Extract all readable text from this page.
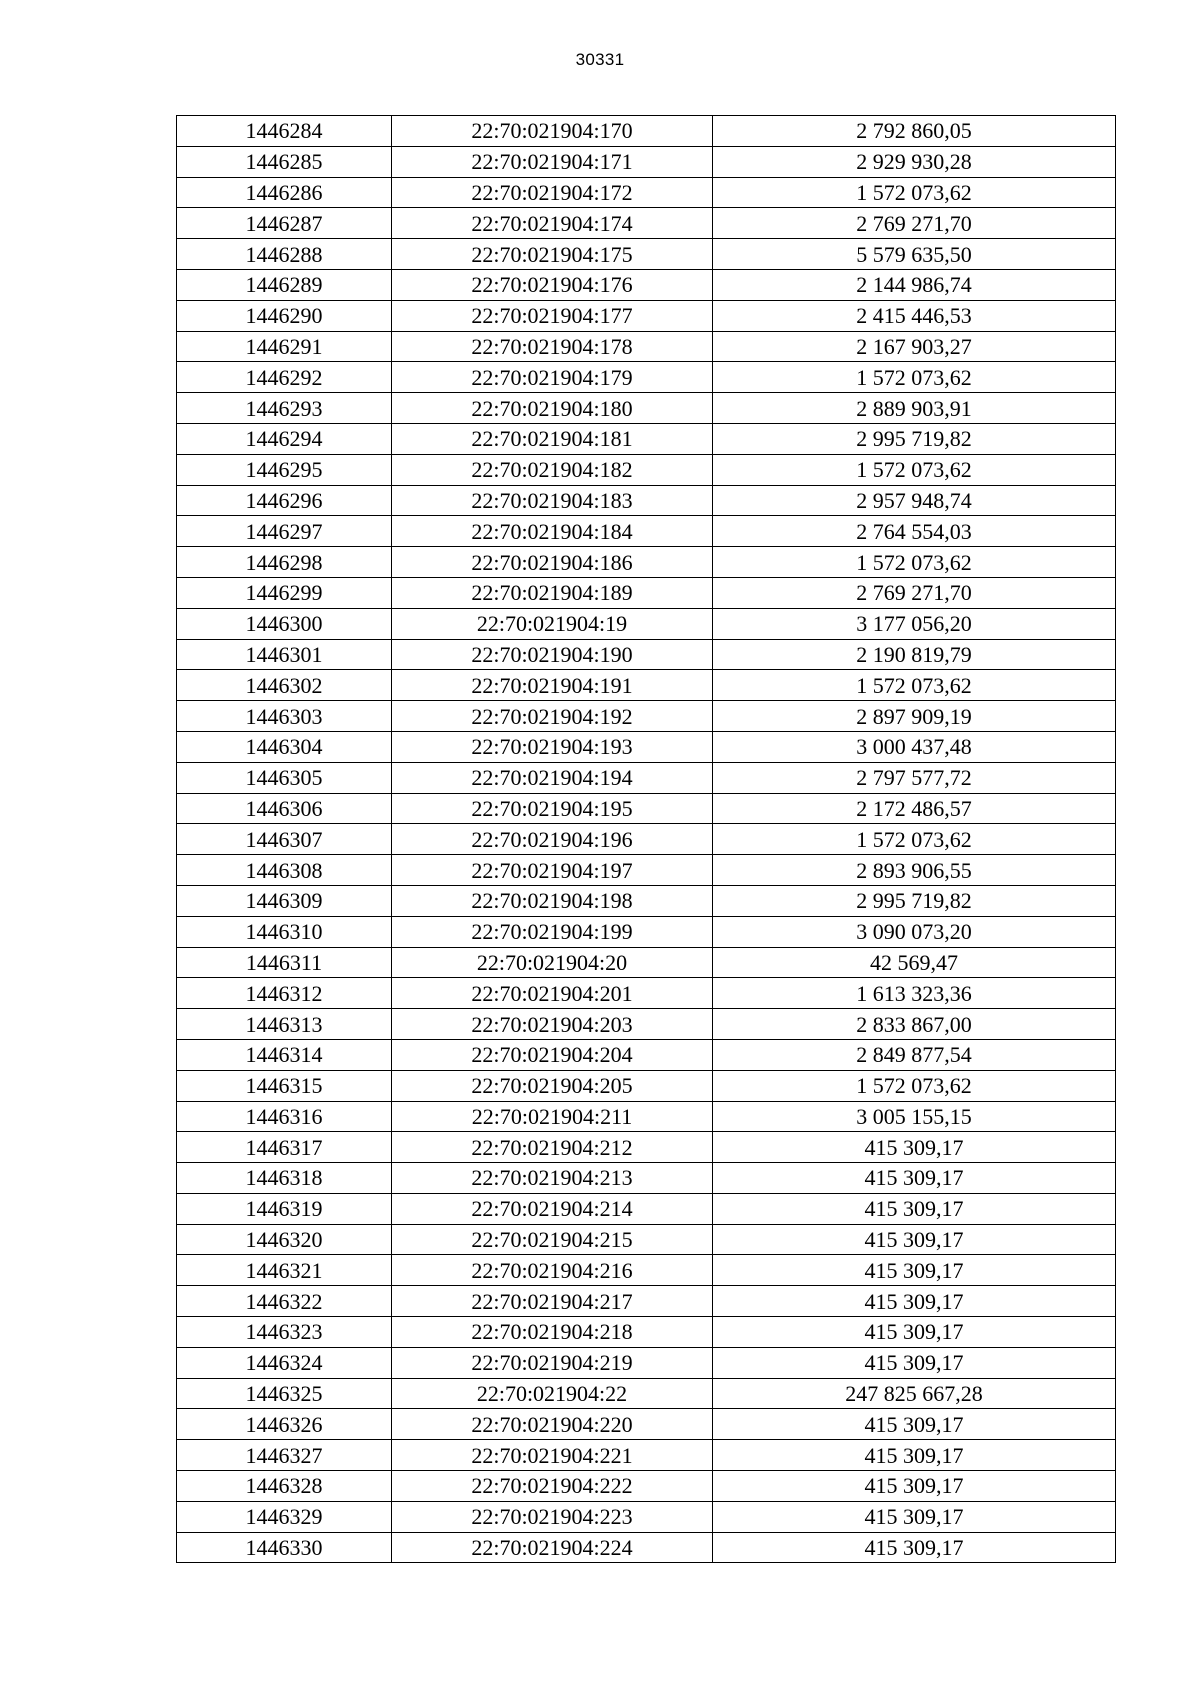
30331
1446284	22:70:021904:170	2 792 860,05
1446285	22:70:021904:171	2 929 930,28
1446286	22:70:021904:172	1 572 073,62
1446287	22:70:021904:174	2 769 271,70
1446288	22:70:021904:175	5 579 635,50
1446289	22:70:021904:176	2 144 986,74
1446290	22:70:021904:177	2 415 446,53
1446291	22:70:021904:178	2 167 903,27
1446292	22:70:021904:179	1 572 073,62
1446293	22:70:021904:180	2 889 903,91
1446294	22:70:021904:181	2 995 719,82
1446295	22:70:021904:182	1 572 073,62
1446296	22:70:021904:183	2 957 948,74
1446297	22:70:021904:184	2 764 554,03
1446298	22:70:021904:186	1 572 073,62
1446299	22:70:021904:189	2 769 271,70
1446300	22:70:021904:19	3 177 056,20
1446301	22:70:021904:190	2 190 819,79
1446302	22:70:021904:191	1 572 073,62
1446303	22:70:021904:192	2 897 909,19
1446304	22:70:021904:193	3 000 437,48
1446305	22:70:021904:194	2 797 577,72
1446306	22:70:021904:195	2 172 486,57
1446307	22:70:021904:196	1 572 073,62
1446308	22:70:021904:197	2 893 906,55
1446309	22:70:021904:198	2 995 719,82
1446310	22:70:021904:199	3 090 073,20
1446311	22:70:021904:20	42 569,47
1446312	22:70:021904:201	1 613 323,36
1446313	22:70:021904:203	2 833 867,00
1446314	22:70:021904:204	2 849 877,54
1446315	22:70:021904:205	1 572 073,62
1446316	22:70:021904:211	3 005 155,15
1446317	22:70:021904:212	415 309,17
1446318	22:70:021904:213	415 309,17
1446319	22:70:021904:214	415 309,17
1446320	22:70:021904:215	415 309,17
1446321	22:70:021904:216	415 309,17
1446322	22:70:021904:217	415 309,17
1446323	22:70:021904:218	415 309,17
1446324	22:70:021904:219	415 309,17
1446325	22:70:021904:22	247 825 667,28
1446326	22:70:021904:220	415 309,17
1446327	22:70:021904:221	415 309,17
1446328	22:70:021904:222	415 309,17
1446329	22:70:021904:223	415 309,17
1446330	22:70:021904:224	415 309,17
